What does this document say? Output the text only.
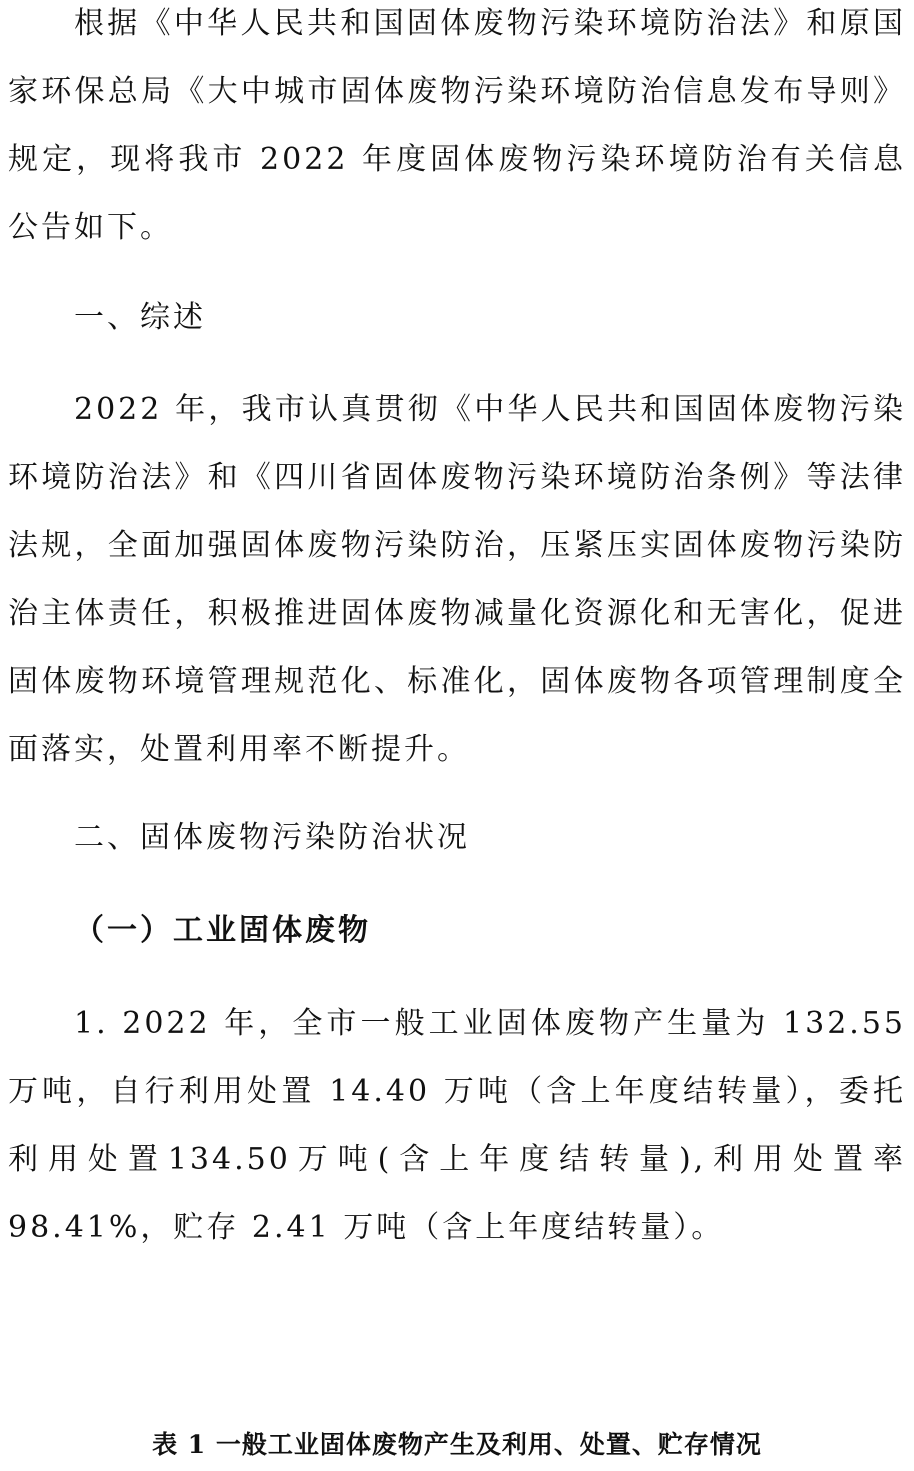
根据《中华人民共和国固体废物污染环境防治法》和原国家环保总局《大中城市固体废物污染环境防治信息发布导则》规定，现将我市 2022 年度固体废物污染环境防治有关信息公告如下。

一、综述

2022 年，我市认真贯彻《中华人民共和国固体废物污染环境防治法》和《四川省固体废物污染环境防治条例》等法律法规，全面加强固体废物污染防治，压紧压实固体废物污染防治主体责任，积极推进固体废物减量化资源化和无害化，促进固体废物环境管理规范化、标准化，固体废物各项管理制度全面落实，处置利用率不断提升。

二、固体废物污染防治状况
（一）工业固体废物

1. 2022 年，全市一般工业固体废物产生量为 132.55 万吨，自行利用处置 14.40 万吨（含上年度结转量），委托利用处置134.50万吨(含上年度结转量),利用处置率98.41%，贮存 2.41 万吨（含上年度结转量）。

表 1 一般工业固体废物产生及利用、处置、贮存情况
